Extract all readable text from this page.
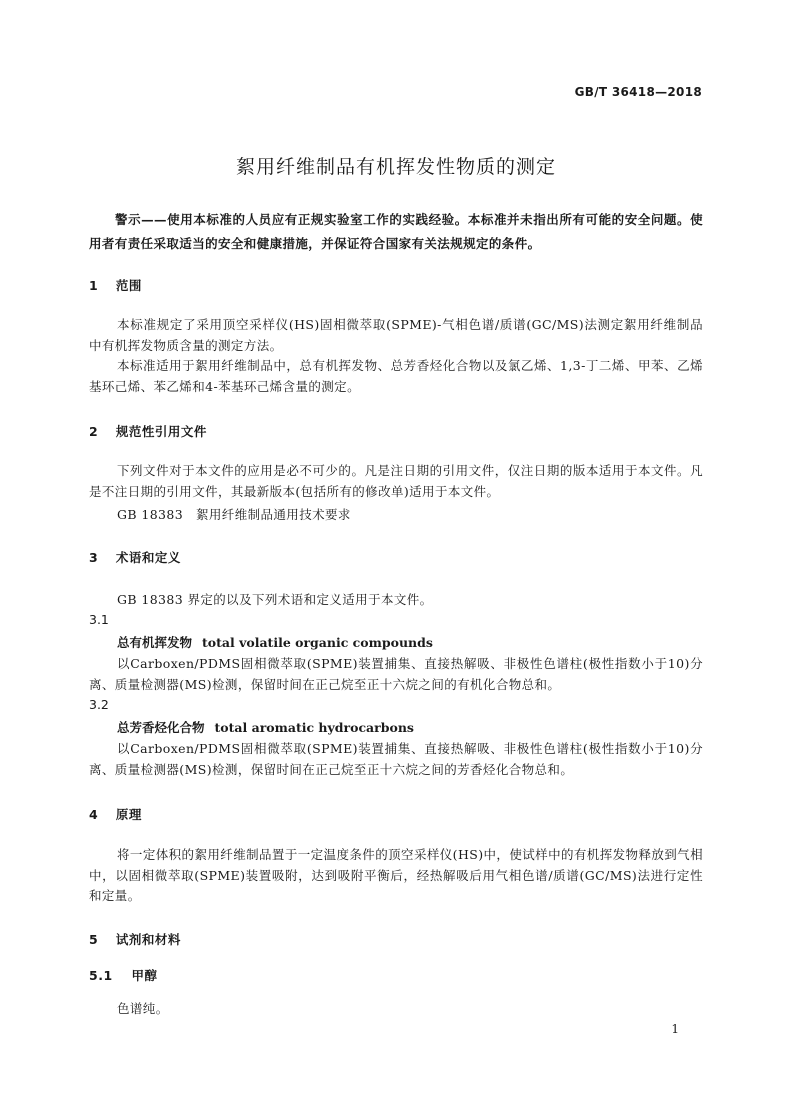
GB/T 36418—2018
絮用纤维制品有机挥发性物质的测定
警示——使用本标准的人员应有正规实验室工作的实践经验。本标准并未指出所有可能的安全问题。使用者有责任采取适当的安全和健康措施，并保证符合国家有关法规规定的条件。
1 范围
本标准规定了采用顶空采样仪(HS)固相微萃取(SPME)-气相色谱/质谱(GC/MS)法测定絮用纤维制品中有机挥发物质含量的测定方法。
本标准适用于絮用纤维制品中，总有机挥发物、总芳香烃化合物以及氯乙烯、1,3-丁二烯、甲苯、乙烯基环己烯、苯乙烯和4-苯基环己烯含量的测定。
2 规范性引用文件
下列文件对于本文件的应用是必不可少的。凡是注日期的引用文件，仅注日期的版本适用于本文件。凡是不注日期的引用文件，其最新版本(包括所有的修改单)适用于本文件。
GB 18383　絮用纤维制品通用技术要求
3 术语和定义
GB 18383 界定的以及下列术语和定义适用于本文件。
3.1
总有机挥发物 total volatile organic compounds
以Carboxen/PDMS固相微萃取(SPME)装置捕集、直接热解吸、非极性色谱柱(极性指数小于10)分离、质量检测器(MS)检测，保留时间在正己烷至正十六烷之间的有机化合物总和。
3.2
总芳香烃化合物 total aromatic hydrocarbons
以Carboxen/PDMS固相微萃取(SPME)装置捕集、直接热解吸、非极性色谱柱(极性指数小于10)分离、质量检测器(MS)检测，保留时间在正己烷至正十六烷之间的芳香烃化合物总和。
4 原理
将一定体积的絮用纤维制品置于一定温度条件的顶空采样仪(HS)中，使试样中的有机挥发物释放到气相中，以固相微萃取(SPME)装置吸附，达到吸附平衡后，经热解吸后用气相色谱/质谱(GC/MS)法进行定性和定量。
5 试剂和材料
5.1 甲醇
色谱纯。
1
